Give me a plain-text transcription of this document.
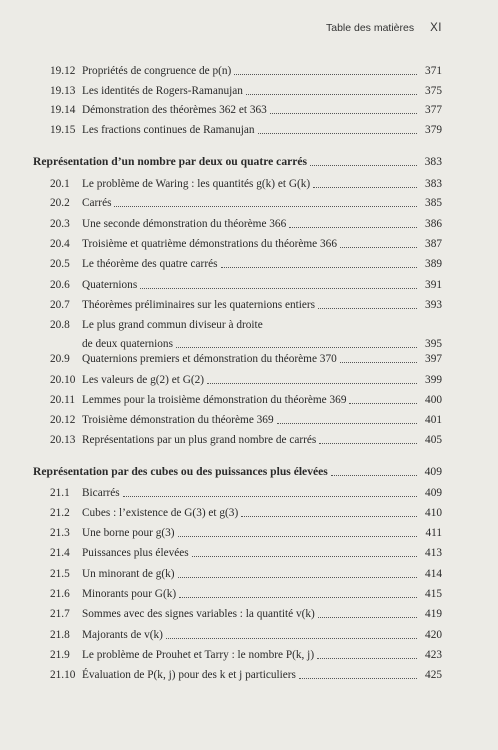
Table des matières XI
19.12 Propriétés de congruence de p(n)	371
19.13 Les identités de Rogers-Ramanujan	375
19.14 Démonstration des théorèmes 362 et 363	377
19.15 Les fractions continues de Ramanujan	379
Représentation d’un nombre par deux ou quatre carrés	383
20.1	Le problème de Waring : les quantités g(k) et G(k)	383
20.2	Carrés	385
20.3	Une seconde démonstration du théorème 366	386
20.4	Troisième et quatrième démonstrations du théorème 366	387
20.5	Le théorème des quatre carrés	389
20.6	Quaternions	391
20.7	Théorèmes préliminaires sur les quaternions entiers	393
20.8	Le plus grand commun diviseur à droite
de deux quaternions	395
20.9	Quaternions premiers et démonstration du théorème 370	397
20.10 Les valeurs de g(2) et G(2)	399
20.11 Lemmes pour la troisième démonstration du théorème 369	400
20.12 Troisième démonstration du théorème 369	401
20.13 Représentations par un plus grand nombre de carrés	405
Représentation par des cubes ou des puissances plus élevées	409
21.1	Bicarrés	409
21.2	Cubes : l’existence de G(3) et g(3)	410
21.3	Une borne pour g(3)	411
21.4	Puissances plus élevées	413
21.5	Un minorant de g(k)	414
21.6	Minorants pour G(k)	415
21.7	Sommes avec des signes variables : la quantité v(k)	419
21.8	Majorants de v(k)	420
21.9	Le problème de Prouhet et Tarry : le nombre P(k, j)	423
21.10 Évaluation de P(k, j) pour des k et j particuliers	425
